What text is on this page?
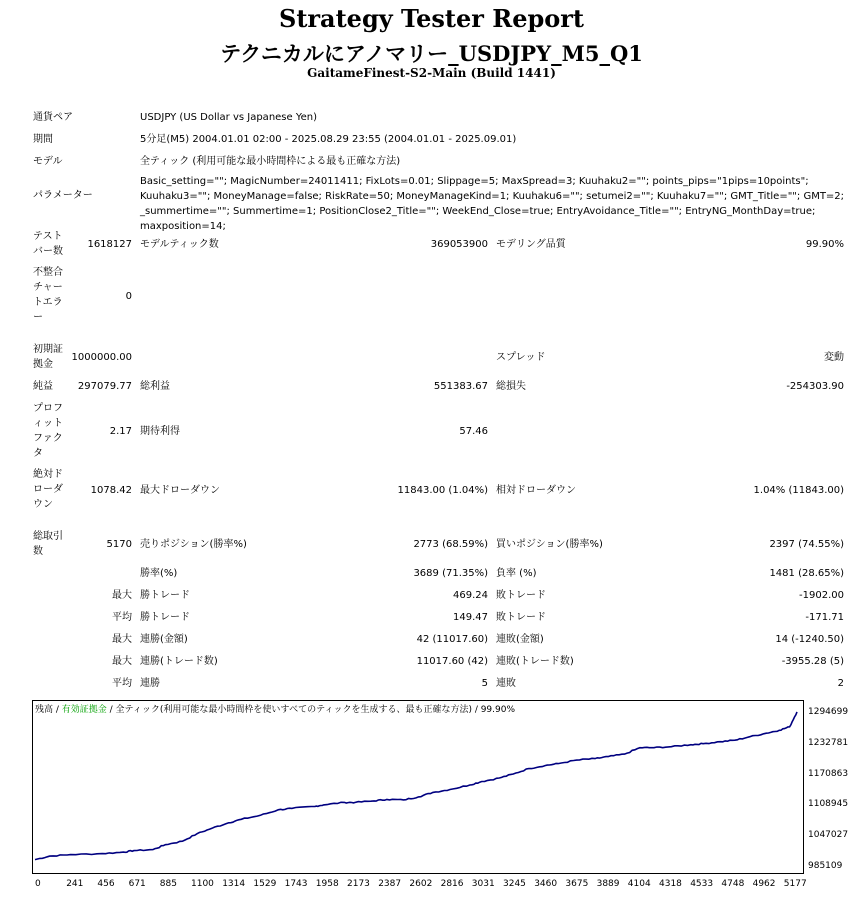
Strategy Tester Report
テクニカルにアノマリー_USDJPY_M5_Q1
GaitameFinest-S2-Main (Build 1441)
通貨ペア	USDJPY (US Dollar vs Japanese Yen)
期間	5分足(M5) 2004.01.01 02:00 - 2025.08.29 23:55 (2004.01.01 - 2025.09.01)
モデル	全ティック (利用可能な最小時間枠による最も正確な方法)
パラメーター
Basic_setting=""; MagicNumber=24011411; FixLots=0.01; Slippage=5; MaxSpread=3; Kuuhaku2=""; points_pips="1pips=10points"; Kuuhaku3=""; MoneyManage=false; RiskRate=50; MoneyManageKind=1; Kuuhaku6=""; setumei2=""; Kuuhaku7=""; GMT_Title=""; GMT=2; _summertime=""; Summertime=1; PositionClose2_Title=""; WeekEnd_Close=true; EntryAvoidance_Title=""; EntryNG_MonthDay=true; maxposition=14;
テストバー数
1618127 モデルティック数	369053900 モデリング品質	99.90%
不整合チャートエラー
0
初期証拠金
1000000.00	スプレッド	変動
純益	297079.77 総利益	551383.67 総損失	-254303.90
プロフィットファクタ
2.17 期待利得	57.46
絶対ドローダウン
1078.42 最大ドローダウン	11843.00 (1.04%) 相対ドローダウン	1.04% (11843.00)
総取引数
5170 売りポジション(勝率%)	2773 (68.59%) 買いポジション(勝率%)	2397 (74.55%)
勝率(%)	3689 (71.35%) 負率 (%)	1481 (28.65%)
最大 勝トレード	469.24 敗トレード	-1902.00
平均 勝トレード	149.47 敗トレード	-171.71
最大 連勝(金額)	42 (11017.60) 連敗(金額)	14 (-1240.50)
最大 連勝(トレード数)	11017.60 (42) 連敗(トレード数)	-3955.28 (5)
平均 連勝	5 連敗	2
残高 / 有効証拠金 / 全ティック(利用可能な最小時間枠を使いすべてのティックを生成する、最も正確な方法) / 99.90%	1294699
1232781
1170863
1108945
1047027
985109
0	241 456 671 885 1100 1314 1529 1743 1958 2173 2387 2602 2816 3031 3245 3460 3675 3889 4104 4318 4533 4748 4962 5177
